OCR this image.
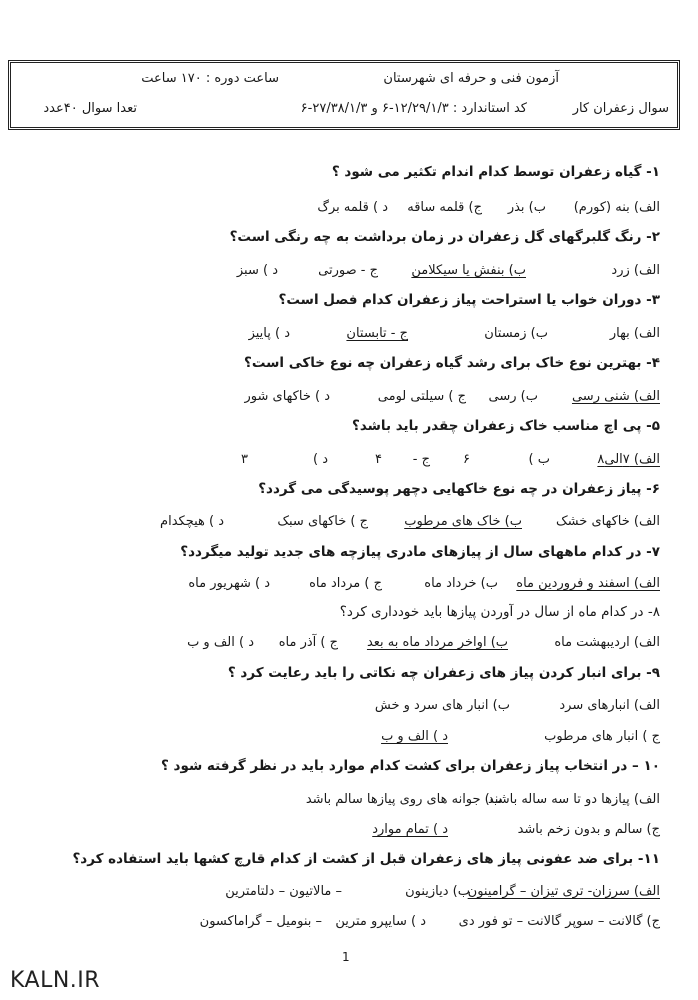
آزمون فنی و حرفه ای شهرستان
ساعت دوره : ۱۷۰ ساعت
سوال زعفران کار
کد استاندارد : ۱۲/۲۹/۱/۳-۶ و ۲۷/۳۸/۱/۳-۶
تعدا سوال ۴۰عدد
۱- گیاه زعفران توسط کدام اندام تکثیر می شود ؟
الف) بنه (کورم)
ب) بذر
ج) قلمه ساقه
د ) قلمه برگ
۲- رنگ گلبرگهای گل زعفران در زمان برداشت به چه رنگی است؟
الف) زرد
ب) بنفش یا سیکلامن
ج - صورتی
د ) سبز
۳- دوران خواب یا استراحت پیاز زعفران کدام فصل است؟
الف) بهار
ب) زمستان
ج - تابستان
د ) پاییز
۴- بهترین نوع خاک برای رشد گیاه زعفران چه نوع خاکی است؟
الف) شنی رسی
ب) رسی
ج ) سیلتی لومی
د ) خاکهای شور
۵- پی اچ مناسب خاک زعفران چقدر باید باشد؟
الف) ۷الی۸
ب )
۶
ج -
۴
د )
۳
۶- پیاز زعفران در چه نوع خاکهایی دچهر پوسیدگی می گردد؟
الف) خاکهای خشک
ب) خاک های مرطوب
ج ) خاکهای سبک
د ) هیچکدام
۷- در کدام ماههای سال از پیازهای مادری پیازچه های جدید تولید میگردد؟
الف) اسفند و فروردین ماه
ب) خرداد ماه
ج ) مرداد ماه
د ) شهریور ماه
۸- در کدام ماه از سال در آوردن پیازها باید خودداری کرد؟
الف) اردیبهشت ماه
ب) اواخر مرداد ماه به بعد
ج ) آذر ماه
د ) الف و ب
۹- برای انبار کردن پیاز های زعفران چه نکاتی را باید رعایت کرد ؟
الف) انبارهای سرد
ب) انبار های سرد و خش
ج ) انبار های مرطوب
د ) الف و ب
۱۰ – در انتخاب پیاز زعفران برای کشت کدام موارد باید در نظر گرفته شود ؟
الف) پیازها دو تا سه ساله باشند
ب) جوانه های روی پیازها سالم باشد
ج) سالم و بدون زخم باشد
د ) تمام موارد
۱۱- برای ضد عفونی پیاز های زعفران قبل از کشت از کدام قارچ کشها باید استفاده کرد؟
الف) سرزان- تری تیزان – گرامینون
ب) دیازینون
– مالاتیون – دلتامترین
ج) گالانت – سوپر گالانت – تو فور دی
د ) سایپرو مترین
– بنومیل – گراماکسون
1
KALN.IR
